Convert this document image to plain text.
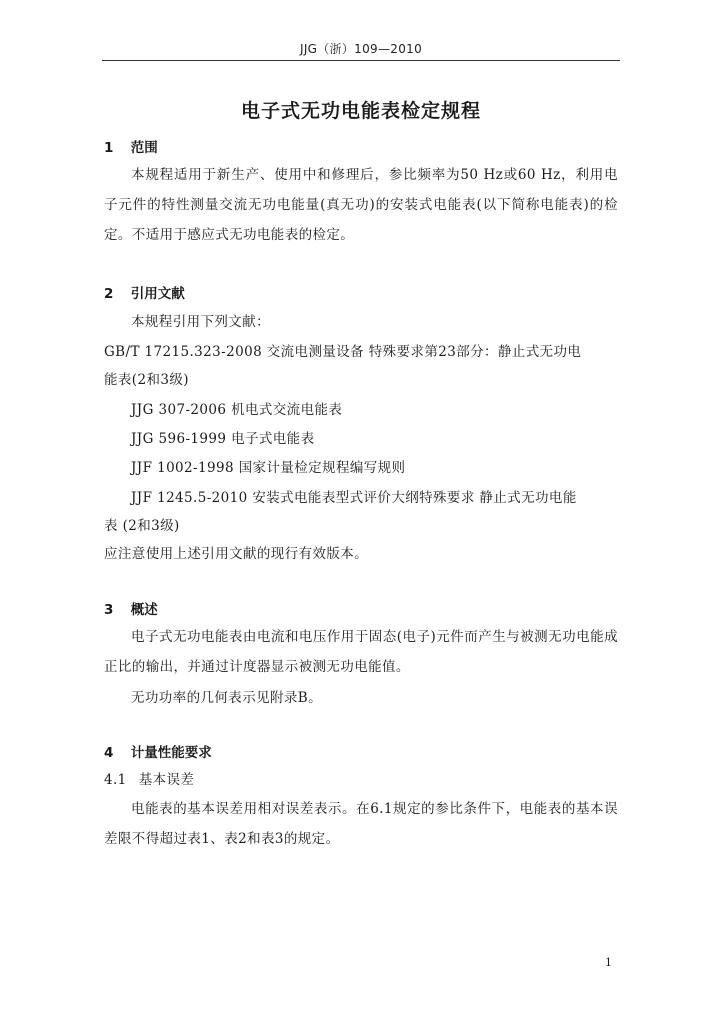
JJG（浙）109—2010
电子式无功电能表检定规程
1 范围

本规程适用于新生产、使用中和修理后，参比频率为50 Hz或60 Hz，利用电子元件的特性测量交流无功电能量(真无功)的安装式电能表(以下简称电能表)的检定。不适用于感应式无功电能表的检定。

2 引用文献
本规程引用下列文献：
GB/T 17215.323-2008 交流电测量设备 特殊要求第23部分：静止式无功电
能表(2和3级)
JJG 307-2006 机电式交流电能表
JJG 596-1999 电子式电能表
JJF 1002-1998 国家计量检定规程编写规则
JJF 1245.5-2010 安装式电能表型式评价大纲特殊要求 静止式无功电能
表 (2和3级)
应注意使用上述引用文献的现行有效版本。
3 概述

电子式无功电能表由电流和电压作用于固态(电子)元件而产生与被测无功电能成正比的输出，并通过计度器显示被测无功电能值。

无功功率的几何表示见附录B。
4 计量性能要求
4.1 基本误差

电能表的基本误差用相对误差表示。在6.1规定的参比条件下，电能表的基本误差限不得超过表1、表2和表3的规定。

1
